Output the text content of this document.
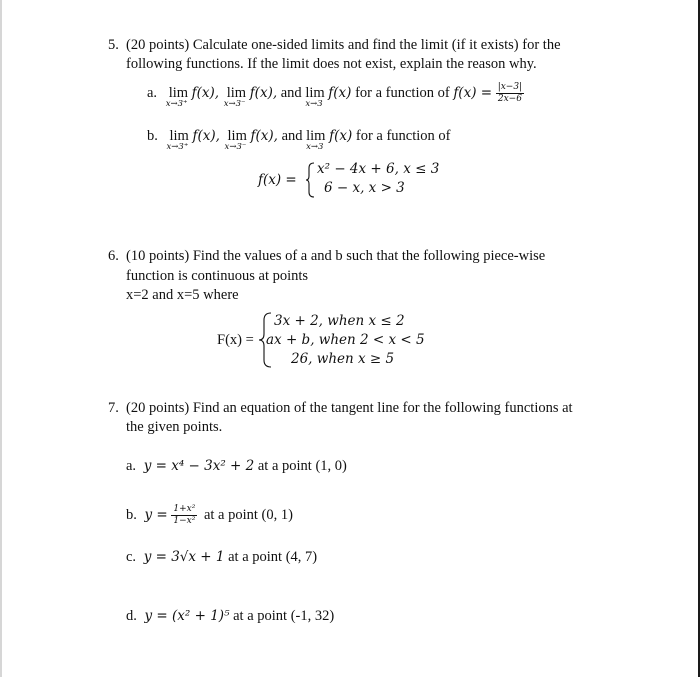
5. (20 points) Calculate one-sided limits and find the limit (if it exists) for the
following functions. If the limit does not exist, explain the reason why.
a. lim
x→3⁺
f(x), lim
x→3⁻
f(x), and lim
x→3
f(x) for a function of $f(x) = \frac{|x-3|}{2x-6}$
b. lim
x→3⁺
f(x), lim
x→3⁻
f(x), and lim
x→3
f(x) for a function of
f(x) =
x² − 4x + 6, x ≤ 3
6 − x, x > 3
6. (10 points) Find the values of a and b such that the following piece-wise
function is continuous at points
x=2 and x=5 where
F(x) =
3x + 2, when x ≤ 2
ax + b, when 2 < x < 5
26, when x ≥ 5
7. (20 points) Find an equation of the tangent line for the following functions at
the given points.
a. y = x⁴ − 3x² + 2 at a point (1, 0)
b. $y = \frac{\text{1+x²}}{\text{1−x²}}$ at a point (0, 1)
c. y = 3√x + 1 at a point (4, 7)
d. y = (x² + 1)⁵ at a point (-1, 32)
